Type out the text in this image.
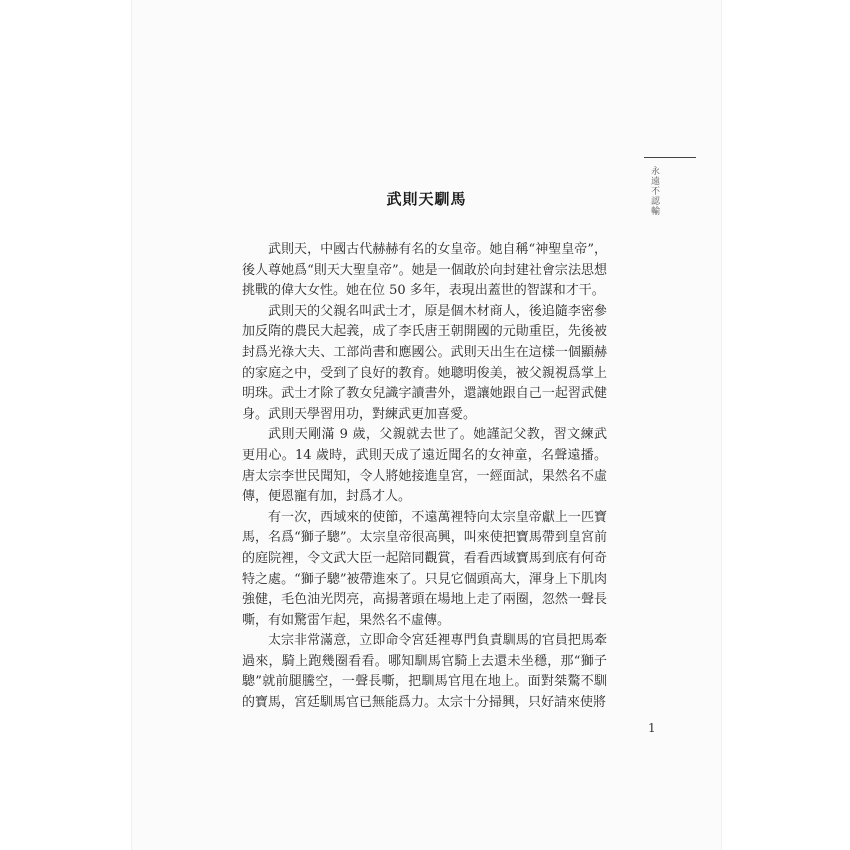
永遠不認輸
武則天馴馬

武則天，中國古代赫赫有名的女皇帝。她自稱“神聖皇帝”，後人尊她爲“則天大聖皇帝”。她是一個敢於向封建社會宗法思想挑戰的偉大女性。她在位 50 多年，表現出蓋世的智謀和才干。

武則天的父親名叫武士才，原是個木材商人，後追隨李密參加反隋的農民大起義，成了李氏唐王朝開國的元勛重臣，先後被封爲光祿大夫、工部尚書和應國公。武則天出生在這樣一個顯赫的家庭之中，受到了良好的教育。她聰明俊美，被父親視爲掌上明珠。武士才除了教女兒識字讀書外，還讓她跟自己一起習武健身。武則天學習用功，對練武更加喜愛。

武則天剛滿 9 歲，父親就去世了。她謹記父教，習文練武更用心。14 歲時，武則天成了遠近聞名的女神童，名聲遠播。唐太宗李世民聞知，令人將她接進皇宮，一經面試，果然名不虛傳，便恩寵有加，封爲才人。

有一次，西域來的使節，不遠萬裡特向太宗皇帝獻上一匹寶馬，名爲“獅子驄”。太宗皇帝很高興，叫來使把寶馬帶到皇宮前的庭院裡，令文武大臣一起陪同觀賞，看看西域寶馬到底有何奇特之處。“獅子驄”被帶進來了。只見它個頭高大，渾身上下肌肉強健，毛色油光閃亮，高揚著頭在場地上走了兩圈，忽然一聲長嘶，有如驚雷乍起，果然名不虛傳。

太宗非常滿意，立即命令宮廷裡專門負責馴馬的官員把馬牽過來，騎上跑幾圈看看。哪知馴馬官騎上去還未坐穩，那“獅子驄”就前腿騰空，一聲長嘶，把馴馬官甩在地上。面對桀驁不馴的寶馬，宮廷馴馬官已無能爲力。太宗十分掃興，只好請來使將

1
